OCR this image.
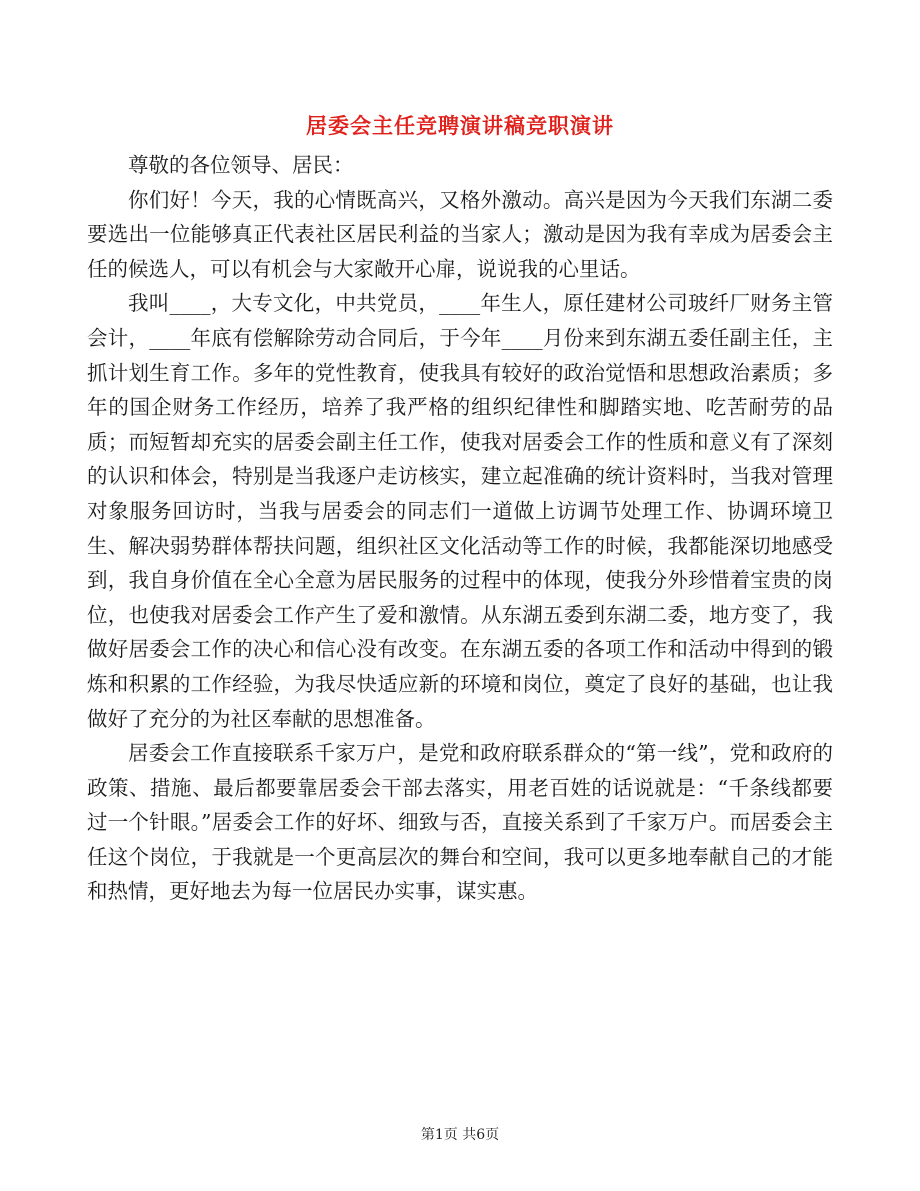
居委会主任竞聘演讲稿竞职演讲

尊敬的各位领导、居民：

你们好！今天，我的心情既高兴，又格外激动。高兴是因为今天我们东湖二委要选出一位能够真正代表社区居民利益的当家人；激动是因为我有幸成为居委会主任的候选人，可以有机会与大家敞开心扉，说说我的心里话。

我叫____，大专文化，中共党员，____年生人，原任建材公司玻纤厂财务主管会计，____年底有偿解除劳动合同后，于今年____月份来到东湖五委任副主任，主抓计划生育工作。多年的党性教育，使我具有较好的政治觉悟和思想政治素质；多年的国企财务工作经历，培养了我严格的组织纪律性和脚踏实地、吃苦耐劳的品质；而短暂却充实的居委会副主任工作，使我对居委会工作的性质和意义有了深刻的认识和体会，特别是当我逐户走访核实，建立起准确的统计资料时，当我对管理对象服务回访时，当我与居委会的同志们一道做上访调节处理工作、协调环境卫生、解决弱势群体帮扶问题，组织社区文化活动等工作的时候，我都能深切地感受到，我自身价值在全心全意为居民服务的过程中的体现，使我分外珍惜着宝贵的岗位，也使我对居委会工作产生了爱和激情。从东湖五委到东湖二委，地方变了，我做好居委会工作的决心和信心没有改变。在东湖五委的各项工作和活动中得到的锻炼和积累的工作经验，为我尽快适应新的环境和岗位，奠定了良好的基础，也让我做好了充分的为社区奉献的思想准备。

居委会工作直接联系千家万户，是党和政府联系群众的“第一线”，党和政府的政策、措施、最后都要靠居委会干部去落实，用老百姓的话说就是：“千条线都要过一个针眼。”居委会工作的好坏、细致与否，直接关系到了千家万户。而居委会主任这个岗位，于我就是一个更高层次的舞台和空间，我可以更多地奉献自己的才能和热情，更好地去为每一位居民办实事，谋实惠。

第1页 共6页
